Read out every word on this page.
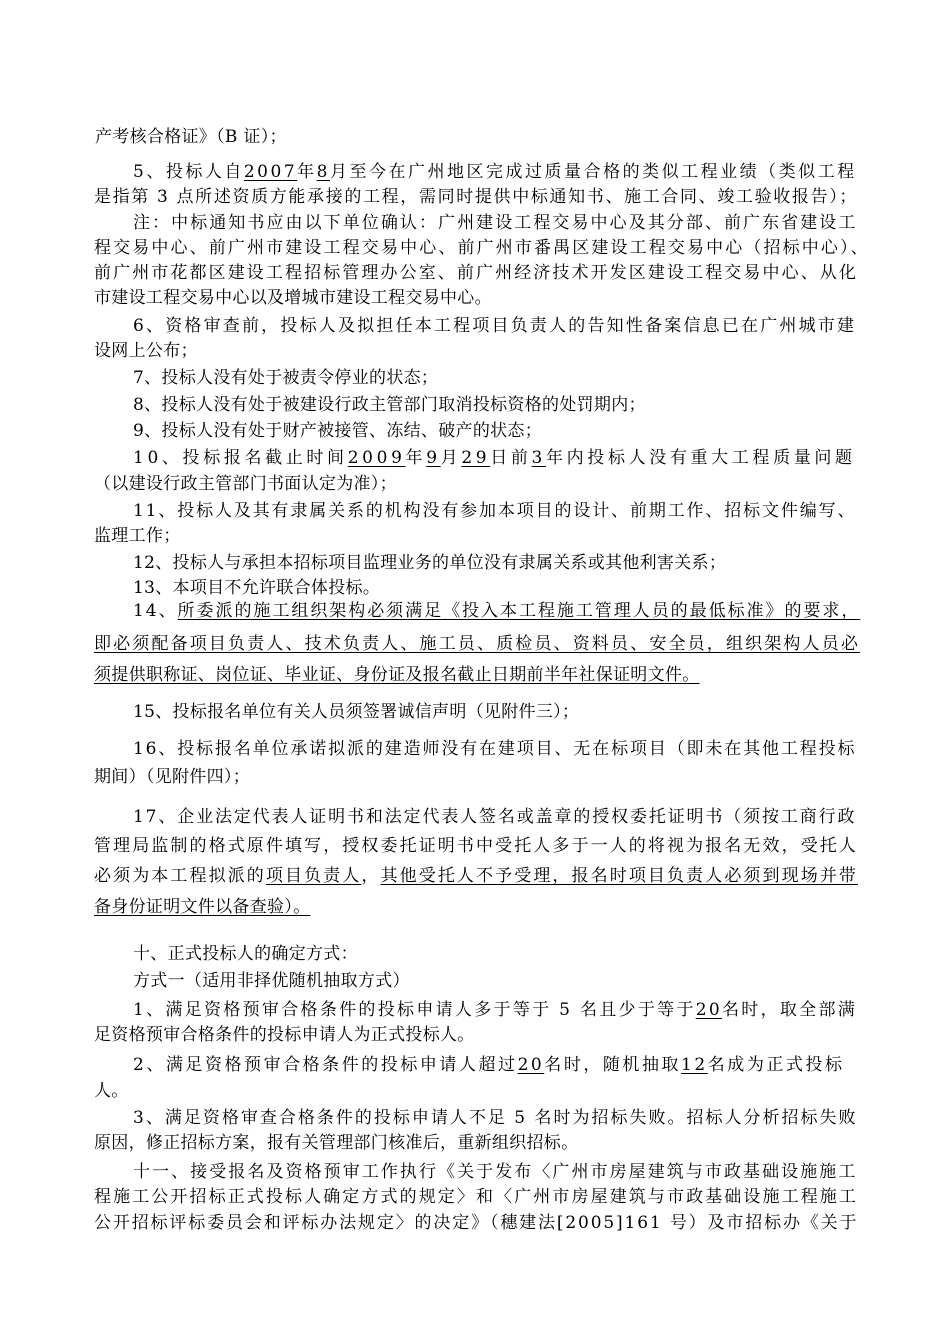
产考核合格证》（B 证）；
5、投标人自2007年8月至今在广州地区完成过质量合格的类似工程业绩（类似工程
是指第 3 点所述资质方能承接的工程，需同时提供中标通知书、施工合同、竣工验收报告）；
注：中标通知书应由以下单位确认：广州建设工程交易中心及其分部、前广东省建设工
程交易中心、前广州市建设工程交易中心、前广州市番禺区建设工程交易中心（招标中心）、
前广州市花都区建设工程招标管理办公室、前广州经济技术开发区建设工程交易中心、从化
市建设工程交易中心以及增城市建设工程交易中心。
6、资格审查前，投标人及拟担任本工程项目负责人的告知性备案信息已在广州城市建
设网上公布；
7、投标人没有处于被责令停业的状态；
8、投标人没有处于被建设行政主管部门取消投标资格的处罚期内；
9、投标人没有处于财产被接管、冻结、破产的状态；
10、投标报名截止时间2009年9月29日前3年内投标人没有重大工程质量问题
（以建设行政主管部门书面认定为准）；
11、投标人及其有隶属关系的机构没有参加本项目的设计、前期工作、招标文件编写、
监理工作；
12、投标人与承担本招标项目监理业务的单位没有隶属关系或其他利害关系；
13、本项目不允许联合体投标。
14、所委派的施工组织架构必须满足《投入本工程施工管理人员的最低标准》的要求，
即必须配备项目负责人、技术负责人、施工员、质检员、资料员、安全员，组织架构人员必
须提供职称证、岗位证、毕业证、身份证及报名截止日期前半年社保证明文件。
15、投标报名单位有关人员须签署诚信声明（见附件三）；
16、投标报名单位承诺拟派的建造师没有在建项目、无在标项目（即未在其他工程投标
期间）（见附件四）；
17、企业法定代表人证明书和法定代表人签名或盖章的授权委托证明书（须按工商行政
管理局监制的格式原件填写，授权委托证明书中受托人多于一人的将视为报名无效，受托人
必须为本工程拟派的项目负责人，其他受托人不予受理，报名时项目负责人必须到现场并带
备身份证明文件以备查验）。
十、正式投标人的确定方式：
方式一（适用非择优随机抽取方式）
1、满足资格预审合格条件的投标申请人多于等于 5 名且少于等于20名时，取全部满
足资格预审合格条件的投标申请人为正式投标人。
2、满足资格预审合格条件的投标申请人超过20名时，随机抽取12名成为正式投标
人。
3、满足资格审查合格条件的投标申请人不足 5 名时为招标失败。招标人分析招标失败
原因，修正招标方案，报有关管理部门核准后，重新组织招标。
十一、接受报名及资格预审工作执行《关于发布〈广州市房屋建筑与市政基础设施施工
程施工公开招标正式投标人确定方式的规定〉和〈广州市房屋建筑与市政基础设施工程施工
公开招标评标委员会和评标办法规定〉的决定》（穗建法[2005]161 号）及市招标办《关于
